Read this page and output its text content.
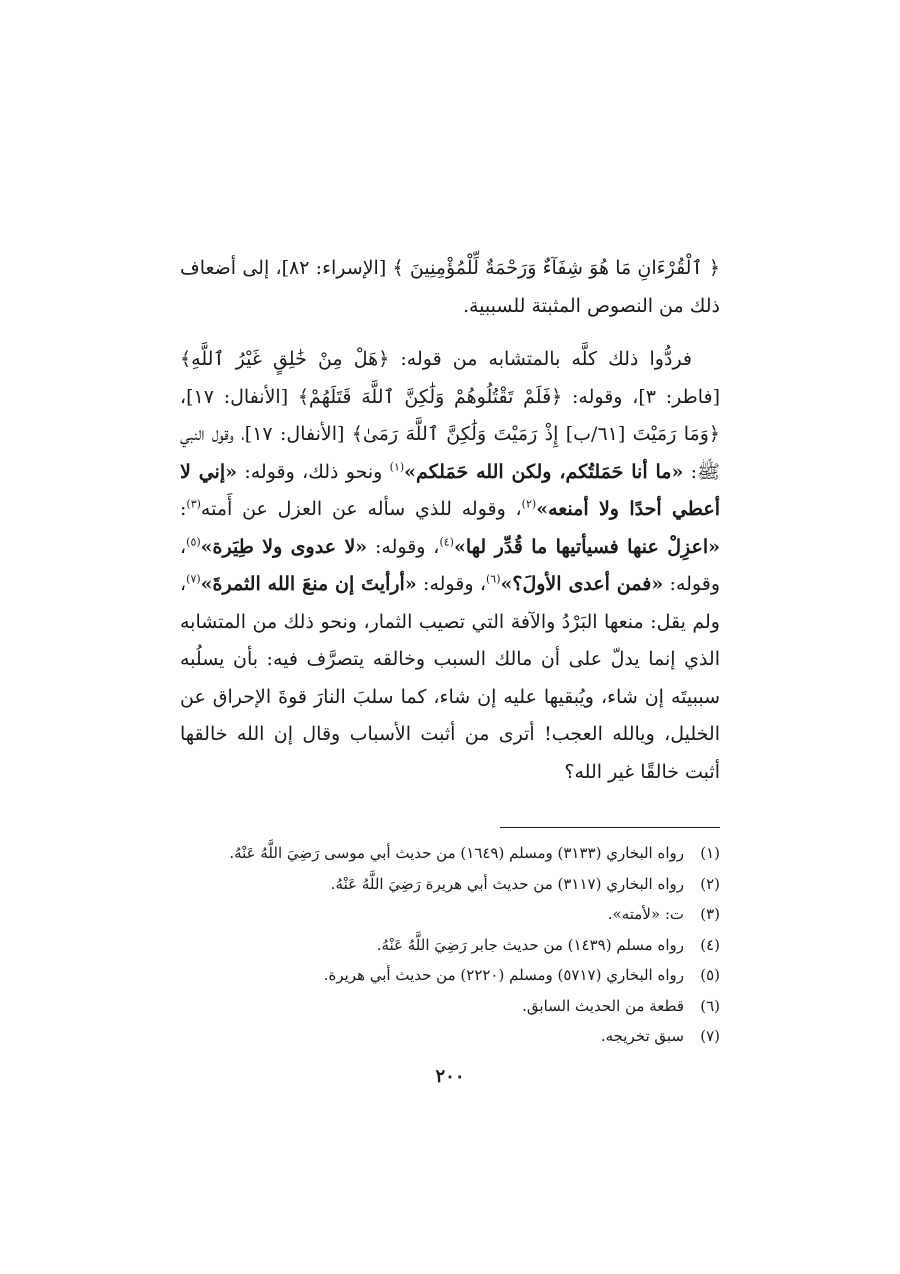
﴿ ٱلْقُرْءَانِ مَا هُوَ شِفَآءٌ وَرَحْمَةٌ لِّلْمُؤْمِنِينَ ﴾ [الإسراء: ٨٢]، إلى أضعاف ذلك من النصوص المثبتة للسببية.

فردُّوا ذلك كلَّه بالمتشابه من قوله: ﴿هَلْ مِنْ خَٰلِقٍ غَيْرُ ٱللَّهِ﴾ [فاطر: ٣]، وقوله: ﴿فَلَمْ تَقْتُلُوهُمْ وَلَٰكِنَّ ٱللَّهَ قَتَلَهُمْ﴾ [الأنفال: ١٧]، ﴿وَمَا رَمَيْتَ [٦١/ب] إِذْ رَمَيْتَ وَلَٰكِنَّ ٱللَّهَ رَمَىٰ﴾ [الأنفال: ١٧]، وقول النبي ﷺ: «ما أنا حَمَلتُكم، ولكن الله حَمَلكم»$^{(١)}$ ونحو ذلك، وقوله: «إني لا أعطي أحدًا ولا أمنعه»$^{(٢)}$، وقوله للذي سأله عن العزل عن أَمته$^{(٣)}$: «اعزِلْ عنها فسيأتيها ما قُدِّر لها»$^{(٤)}$، وقوله: «لا عدوى ولا طِيَرة»$^{(٥)}$، وقوله: «فمن أعدى الأولَ؟»$^{(٦)}$، وقوله: «أرأيتَ إن منعَ الله الثمرةَ»$^{(٧)}$، ولم يقل: منعها البَرْدُ والآفة التي تصيب الثمار، ونحو ذلك من المتشابه الذي إنما يدلّ على أن مالك السبب وخالقه يتصرَّف فيه: بأن يسلُبه سببيتَه إن شاء، ويُبقيها عليه إن شاء، كما سلبَ النارَ قوةَ الإحراق عن الخليل، ويالله العجب! أترى من أثبت الأسباب وقال إن الله خالقها أثبت خالقًا غير الله؟

(١)رواه البخاري (٣١٣٣) ومسلم (١٦٤٩) من حديث أبي موسى رَضِيَ اللَّهُ عَنْهُ.
(٢)رواه البخاري (٣١١٧) من حديث أبي هريرة رَضِيَ اللَّهُ عَنْهُ.
(٣)ت: «لأمته».
(٤)رواه مسلم (١٤٣٩) من حديث جابر رَضِيَ اللَّهُ عَنْهُ.
(٥)رواه البخاري (٥٧١٧) ومسلم (٢٢٢٠) من حديث أبي هريرة.
(٦)قطعة من الحديث السابق.
(٧)سبق تخريجه.
٢٠٠
